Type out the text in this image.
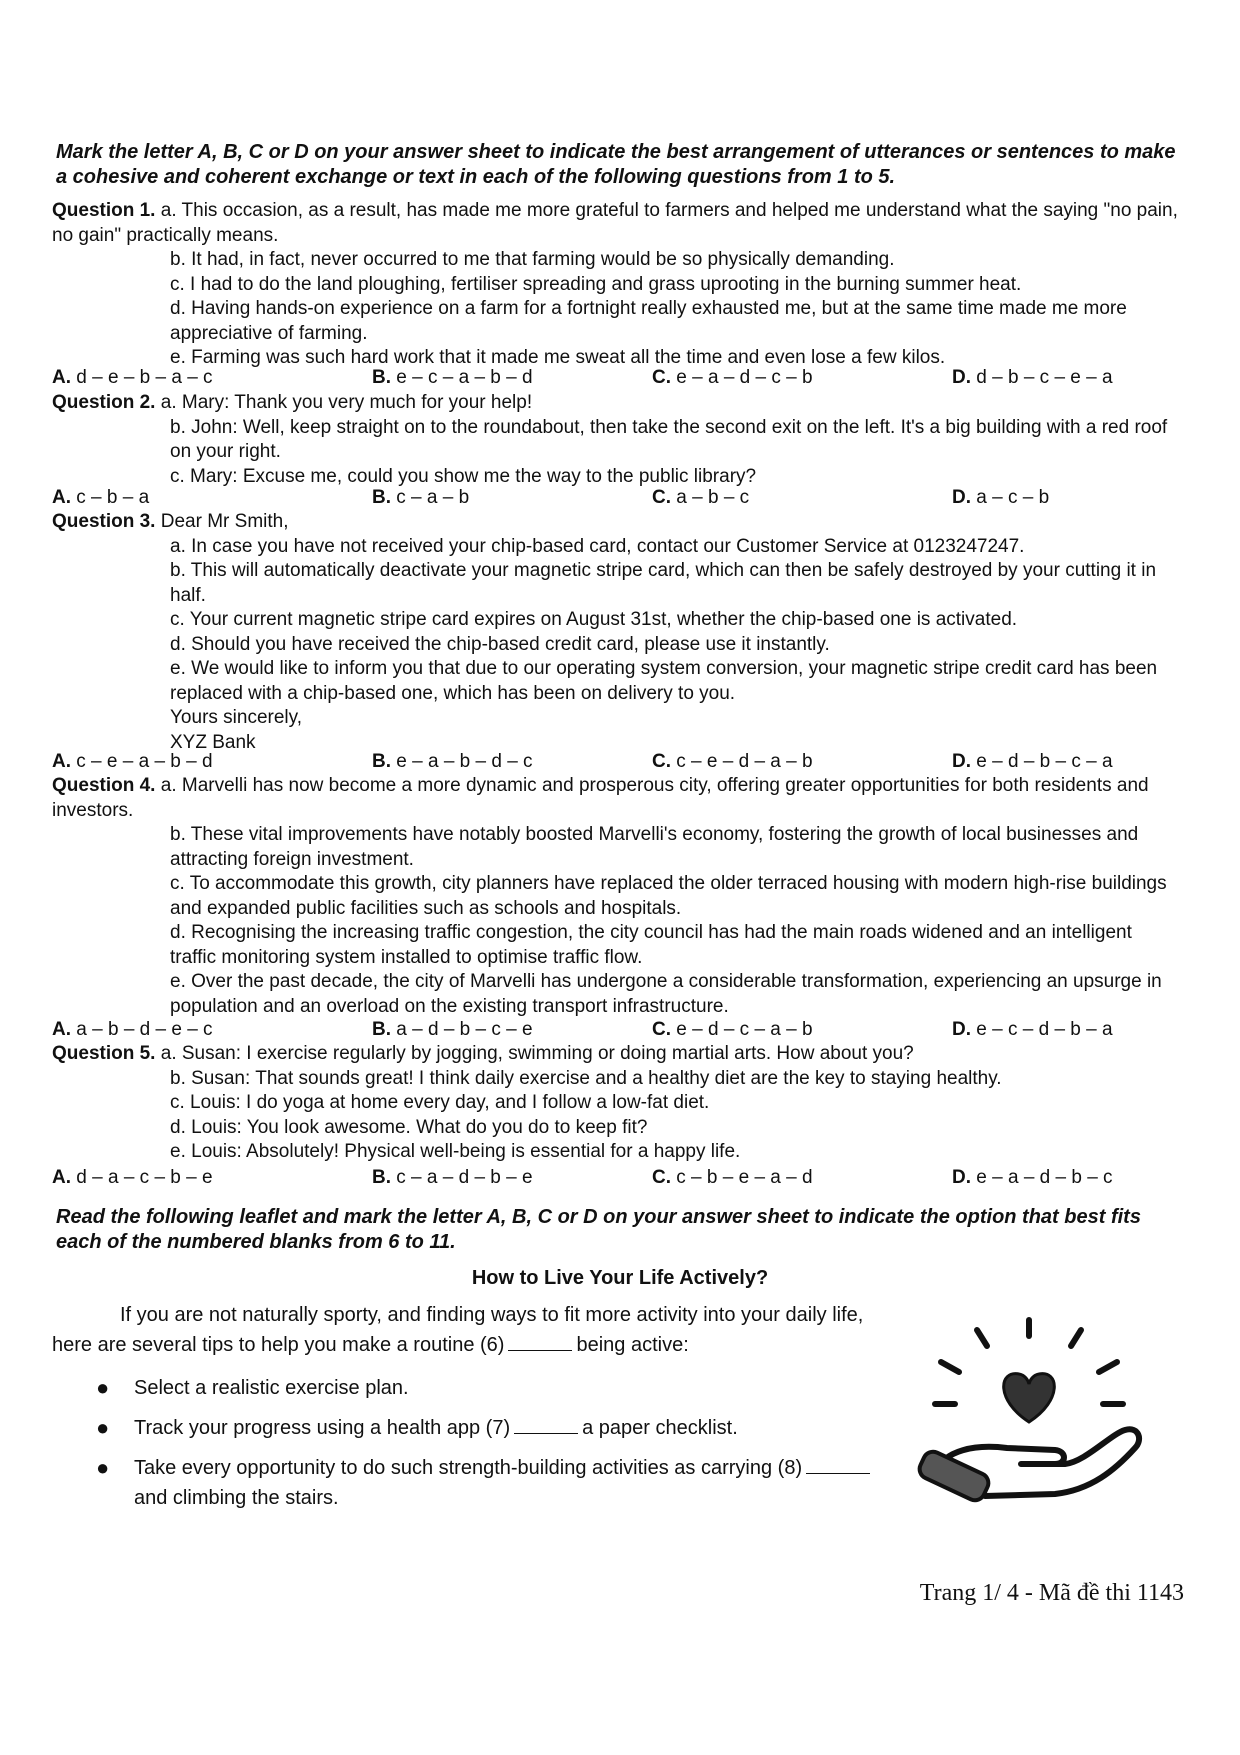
Mark the letter A, B, C or D on your answer sheet to indicate the best arrangement of utterances or sentences to make a cohesive and coherent exchange or text in each of the following questions from 1 to 5.
Question 1. a. This occasion, as a result, has made me more grateful to farmers and helped me understand what the saying "no pain, no gain" practically means.
b. It had, in fact, never occurred to me that farming would be so physically demanding.
c. I had to do the land ploughing, fertiliser spreading and grass uprooting in the burning summer heat.
d. Having hands-on experience on a farm for a fortnight really exhausted me, but at the same time made me more appreciative of farming.
e. Farming was such hard work that it made me sweat all the time and even lose a few kilos.
A. d – e – b – a – c	B. e – c – a – b – d	C. e – a – d – c – b	D. d – b – c – e – a
Question 2. a. Mary: Thank you very much for your help!
b. John: Well, keep straight on to the roundabout, then take the second exit on the left. It's a big building with a red roof on your right.
c. Mary: Excuse me, could you show me the way to the public library?
A. c – b – a	B. c – a – b	C. a – b – c	D. a – c – b
Question 3. Dear Mr Smith,
a. In case you have not received your chip-based card, contact our Customer Service at 0123247247.
b. This will automatically deactivate your magnetic stripe card, which can then be safely destroyed by your cutting it in half.
c. Your current magnetic stripe card expires on August 31st, whether the chip-based one is activated.
d. Should you have received the chip-based credit card, please use it instantly.
e. We would like to inform you that due to our operating system conversion, your magnetic stripe credit card has been replaced with a chip-based one, which has been on delivery to you.
Yours sincerely,
XYZ Bank
A. c – e – a – b – d	B. e – a – b – d – c	C. c – e – d – a – b	D. e – d – b – c – a
Question 4. a. Marvelli has now become a more dynamic and prosperous city, offering greater opportunities for both residents and investors.
b. These vital improvements have notably boosted Marvelli's economy, fostering the growth of local businesses and attracting foreign investment.
c. To accommodate this growth, city planners have replaced the older terraced housing with modern high-rise buildings and expanded public facilities such as schools and hospitals.
d. Recognising the increasing traffic congestion, the city council has had the main roads widened and an intelligent traffic monitoring system installed to optimise traffic flow.
e. Over the past decade, the city of Marvelli has undergone a considerable transformation, experiencing an upsurge in population and an overload on the existing transport infrastructure.
A. a – b – d – e – c	B. a – d – b – c – e	C. e – d – c – a – b	D. e – c – d – b – a
Question 5. a. Susan: I exercise regularly by jogging, swimming or doing martial arts. How about you?
b. Susan: That sounds great! I think daily exercise and a healthy diet are the key to staying healthy.
c. Louis: I do yoga at home every day, and I follow a low-fat diet.
d. Louis: You look awesome. What do you do to keep fit?
e. Louis: Absolutely! Physical well-being is essential for a happy life.
A. d – a – c – b – e	B. c – a – d – b – e	C. c – b – e – a – d	D. e – a – d – b – c
Read the following leaflet and mark the letter A, B, C or D on your answer sheet to indicate the option that best fits each of the numbered blanks from 6 to 11.
How to Live Your Life Actively?
If you are not naturally sporty, and finding ways to fit more activity into your daily life, here are several tips to help you make a routine (6)	being active:
● Select a realistic exercise plan.
● Track your progress using a health app (7)	a paper checklist.
● Take every opportunity to do such strength-building activities as carrying (8)and climbing the stairs.
Trang 1/ 4 - Mã đề thi 1143
